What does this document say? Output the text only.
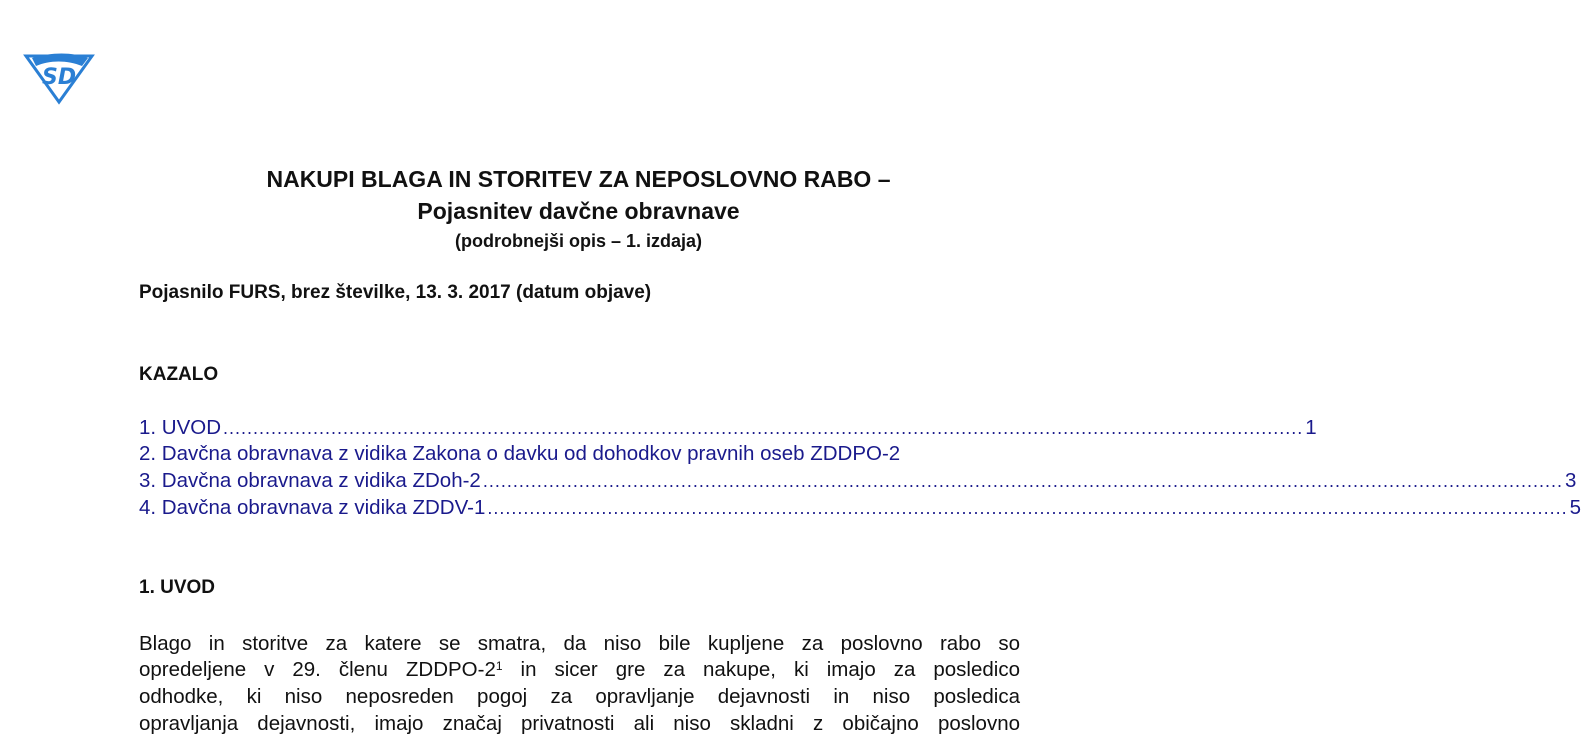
SD
NAKUPI BLAGA IN STORITEV ZA NEPOSLOVNO RABO –
Pojasnitev davčne obravnave
(podrobnejši opis – 1. izdaja)
Pojasnilo FURS, brez številke, 13. 3. 2017 (datum objave)
KAZALO
1. UVOD .................................................................................................................................................................................... 1
2. Davčna obravnava z vidika Zakona o davku od dohodkov pravnih oseb ZDDPO-2
3. Davčna obravnava z vidika ZDoh-2 .................................................................................................................................................................................... 3
4. Davčna obravnava z vidika ZDDV-1 .................................................................................................................................................................................... 5
1. UVOD
Blago in storitve za katere se smatra, da niso bile kupljene za poslovno rabo so
opredeljene v 29. členu ZDDPO-$2^1$ in sicer gre za nakupe, ki imajo za posledico
odhodke, ki niso neposreden pogoj za opravljanje dejavnosti in niso posledica
opravljanja dejavnosti, imajo značaj privatnosti ali niso skladni z običajno poslovno
